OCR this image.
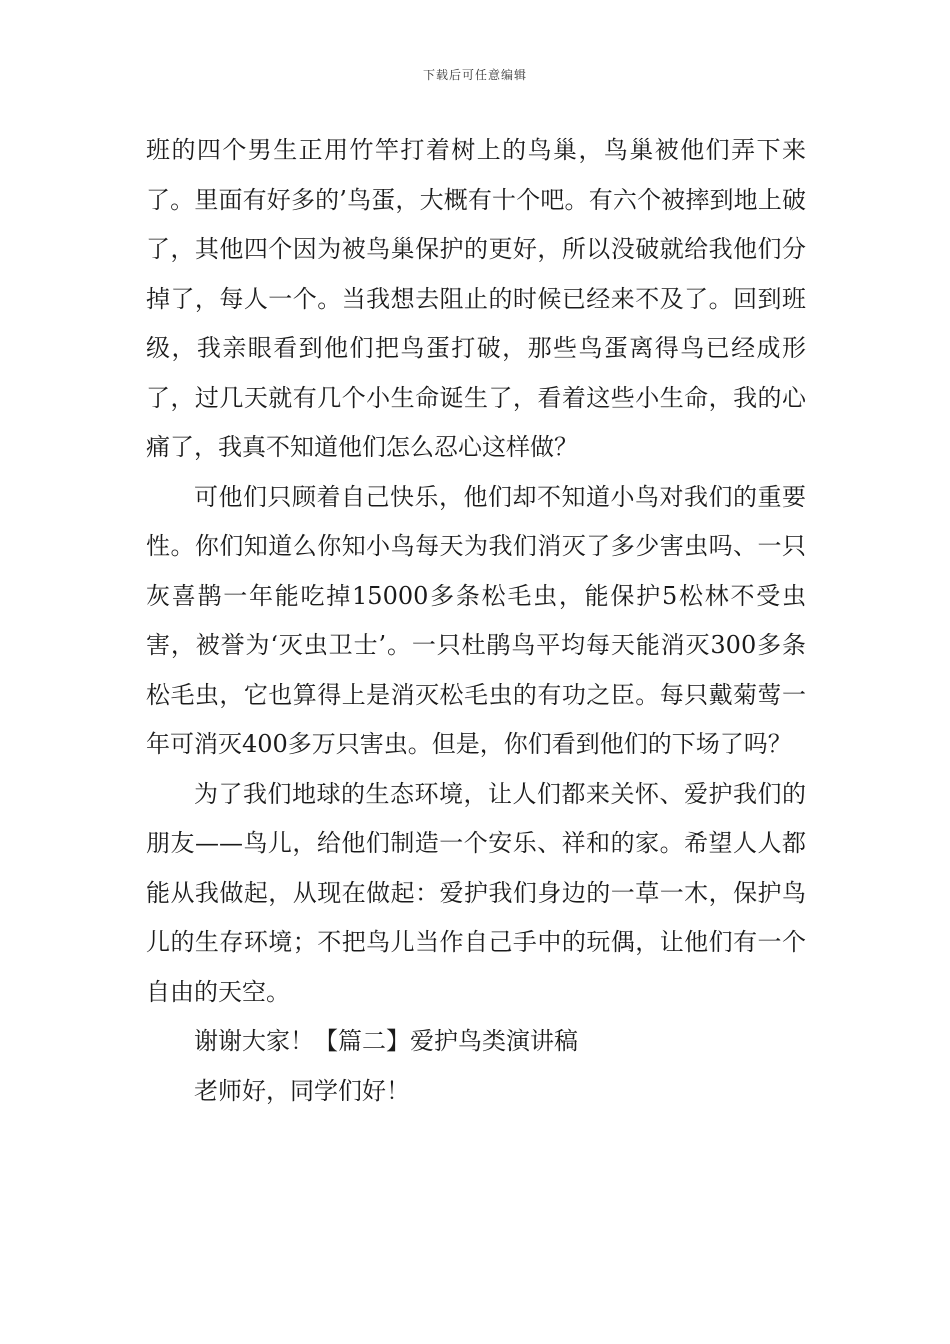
下载后可任意编辑

班的四个男生正用竹竿打着树上的鸟巢，鸟巢被他们弄下来了。里面有好多的’鸟蛋，大概有十个吧。有六个被摔到地上破了，其他四个因为被鸟巢保护的更好，所以没破就给我他们分掉了，每人一个。当我想去阻止的时候已经来不及了。回到班级，我亲眼看到他们把鸟蛋打破，那些鸟蛋离得鸟已经成形了，过几天就有几个小生命诞生了，看着这些小生命，我的心痛了，我真不知道他们怎么忍心这样做？

可他们只顾着自己快乐，他们却不知道小鸟对我们的重要性。你们知道么你知小鸟每天为我们消灭了多少害虫吗、一只灰喜鹊一年能吃掉15000多条松毛虫，能保护5松林不受虫害，被誉为‘灭虫卫士’。一只杜鹃鸟平均每天能消灭300多条松毛虫，它也算得上是消灭松毛虫的有功之臣。每只戴菊莺一年可消灭400多万只害虫。但是，你们看到他们的下场了吗？

为了我们地球的生态环境，让人们都来关怀、爱护我们的朋友——鸟儿，给他们制造一个安乐、祥和的家。希望人人都能从我做起，从现在做起：爱护我们身边的一草一木，保护鸟儿的生存环境；不把鸟儿当作自己手中的玩偶，让他们有一个自由的天空。

谢谢大家！【篇二】爱护鸟类演讲稿

老师好，同学们好！
